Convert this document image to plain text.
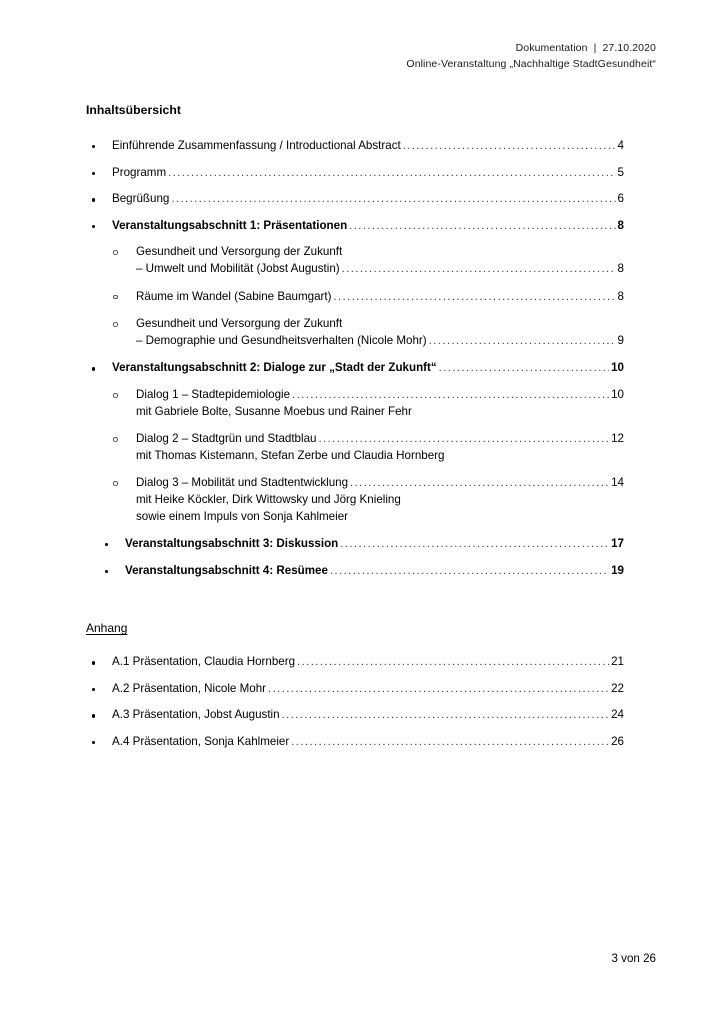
Dokumentation  |  27.10.2020
Online-Veranstaltung „Nachhaltige StadtGesundheit“
Inhaltsübersicht
Einführende Zusammenfassung / Introductional Abstract .....	4
Programm .....	5
Begrüßung .....	6
Veranstaltungsabschnitt 1: Präsentationen .....	8
Gesundheit und Versorgung der Zukunft
– Umwelt und Mobilität (Jobst Augustin) .....	8
Räume im Wandel (Sabine Baumgart) .....	8
Gesundheit und Versorgung der Zukunft
– Demographie und Gesundheitsverhalten (Nicole Mohr) .....	9
Veranstaltungsabschnitt 2: Dialoge zur „Stadt der Zukunft“ .....	10
Dialog 1 – Stadtepidemiologie .....	10
mit Gabriele Bolte, Susanne Moebus und Rainer Fehr
Dialog 2 – Stadtgrün und Stadtblau .....	12
mit Thomas Kistemann, Stefan Zerbe und Claudia Hornberg
Dialog 3 – Mobilität und Stadtentwicklung .....	14
mit Heike Köckler, Dirk Wittowsky und Jörg Knieling
sowie einem Impuls von Sonja Kahlmeier
Veranstaltungsabschnitt 3: Diskussion .....	17
Veranstaltungsabschnitt 4: Resümee .....	19
Anhang
A.1 Präsentation, Claudia Hornberg .....	21
A.2 Präsentation, Nicole Mohr .....	22
A.3 Präsentation, Jobst Augustin .....	24
A.4 Präsentation, Sonja Kahlmeier .....	26

3 von 26
